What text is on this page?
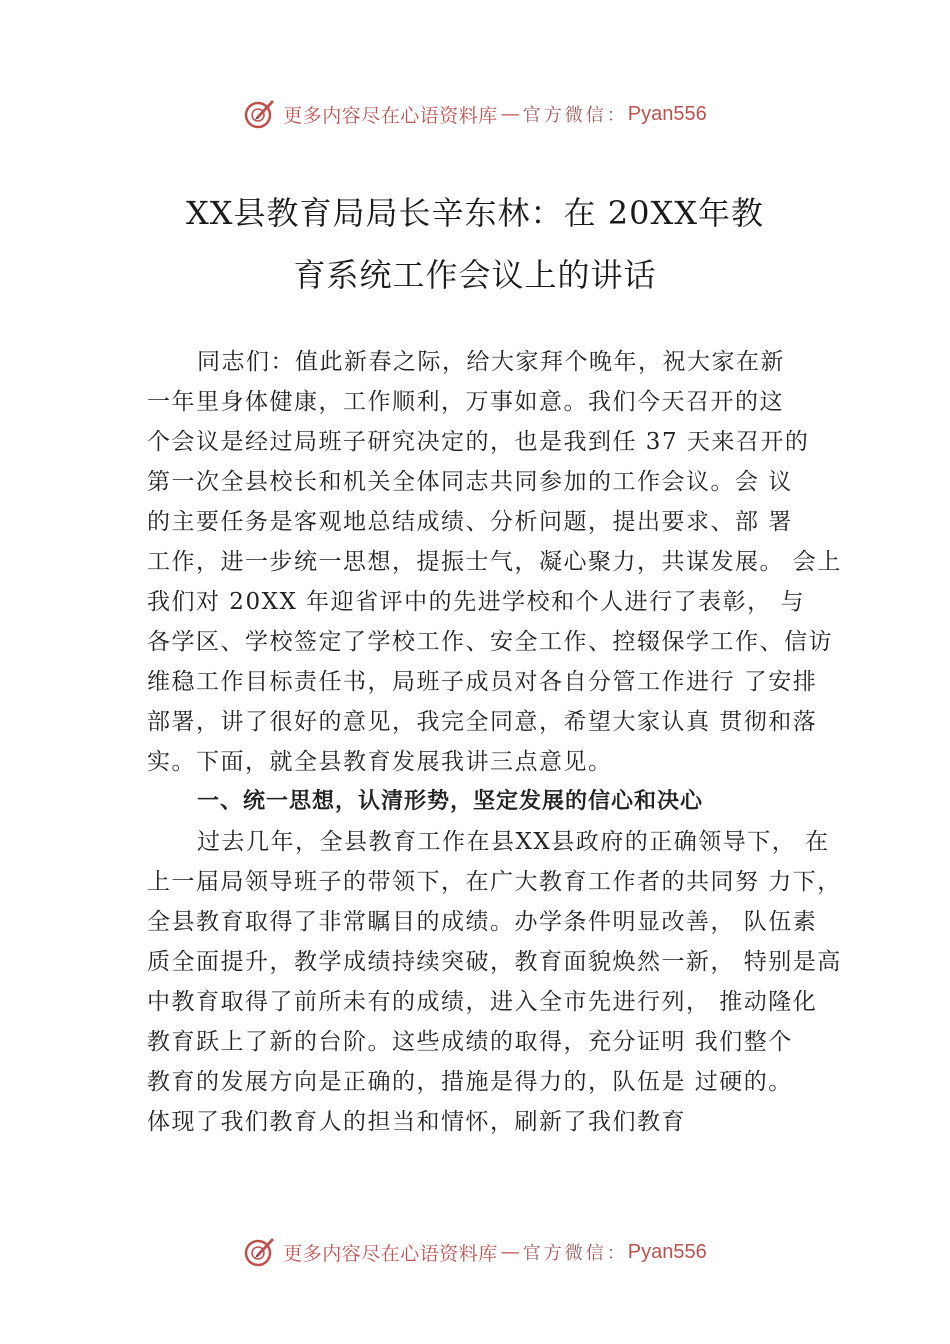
更多内容尽在心语资料库 — 官方微信： Pyan556
XX县教育局局长辛东林：在 20XX年教
育系统工作会议上的讲话
同志们：值此新春之际，给大家拜个晚年，祝大家在新
一年里身体健康，工作顺利，万事如意。我们今天召开的这
个会议是经过局班子研究决定的，也是我到任 37 天来召开的
第一次全县校长和机关全体同志共同参加的工作会议。会 议
的主要任务是客观地总结成绩、分析问题，提出要求、部 署
工作，进一步统一思想，提振士气，凝心聚力，共谋发展。 会上
我们对 20XX 年迎省评中的先进学校和个人进行了表彰， 与
各学区、学校签定了学校工作、安全工作、控辍保学工作、信访
维稳工作目标责任书，局班子成员对各自分管工作进行 了安排
部署，讲了很好的意见，我完全同意，希望大家认真 贯彻和落
实。下面，就全县教育发展我讲三点意见。
一、统一思想，认清形势，坚定发展的信心和决心
过去几年，全县教育工作在县XX县政府的正确领导下， 在
上一届局领导班子的带领下，在广大教育工作者的共同努 力下，
全县教育取得了非常瞩目的成绩。办学条件明显改善， 队伍素
质全面提升，教学成绩持续突破，教育面貌焕然一新， 特别是高
中教育取得了前所未有的成绩，进入全市先进行列， 推动隆化
教育跃上了新的台阶。这些成绩的取得，充分证明 我们整个
教育的发展方向是正确的，措施是得力的，队伍是 过硬的。
体现了我们教育人的担当和情怀，刷新了我们教育
更多内容尽在心语资料库 — 官方微信： Pyan556
